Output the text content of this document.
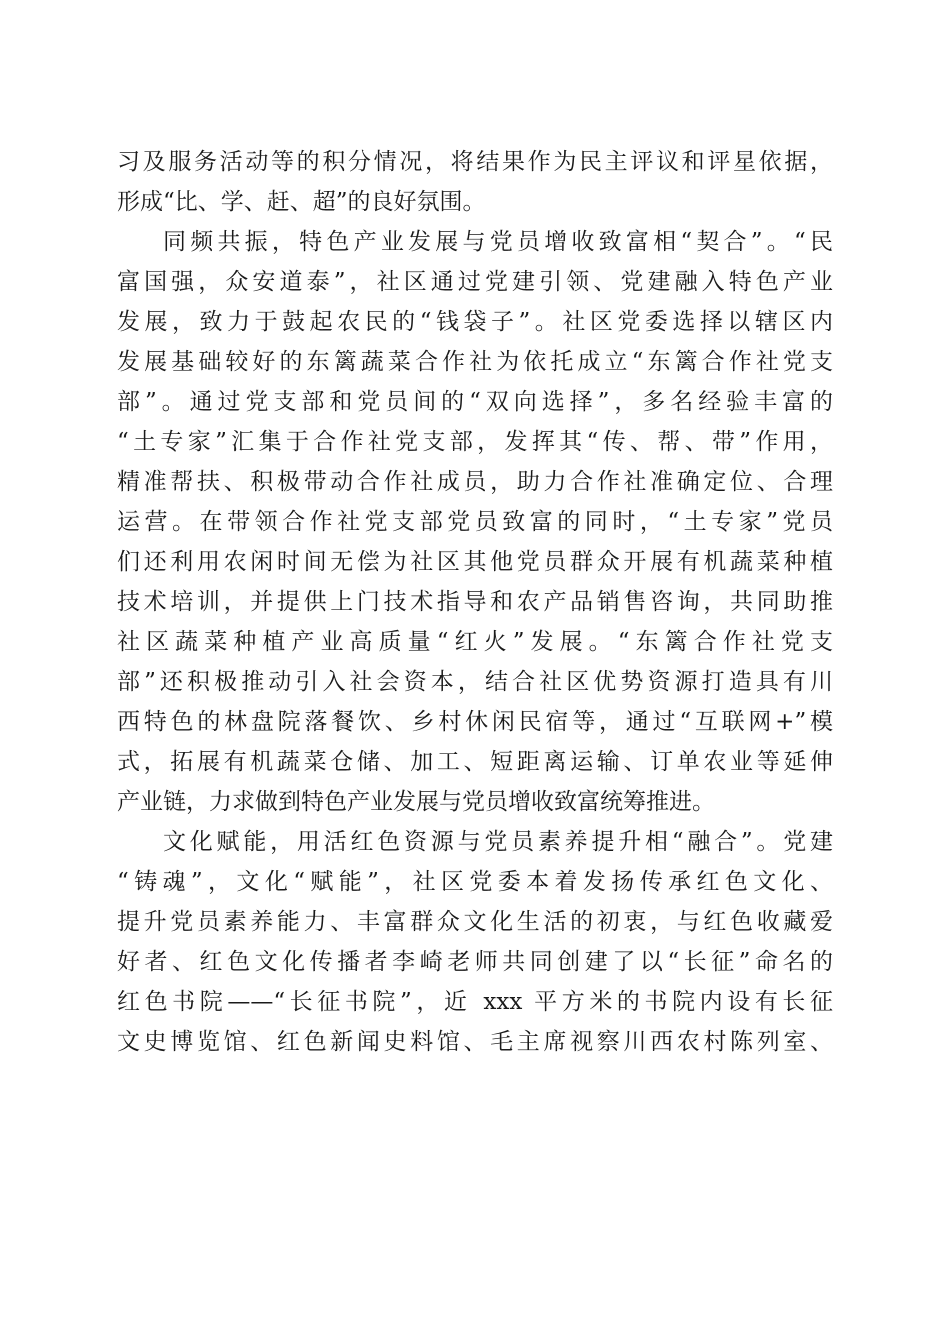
习及服务活动等的积分情况，将结果作为民主评议和评星依据，
形成“比、学、赶、超”的良好氛围。
同频共振，特色产业发展与党员增收致富相“契合”。“民
富国强，众安道泰”，社区通过党建引领、党建融入特色产业
发展，致力于鼓起农民的“钱袋子”。社区党委选择以辖区内
发展基础较好的东篱蔬菜合作社为依托成立“东篱合作社党支
部”。通过党支部和党员间的“双向选择”，多名经验丰富的
“土专家”汇集于合作社党支部，发挥其“传、帮、带”作用，
精准帮扶、积极带动合作社成员，助力合作社准确定位、合理
运营。在带领合作社党支部党员致富的同时，“土专家”党员
们还利用农闲时间无偿为社区其他党员群众开展有机蔬菜种植
技术培训，并提供上门技术指导和农产品销售咨询，共同助推
社区蔬菜种植产业高质量“红火”发展。“东篱合作社党支
部”还积极推动引入社会资本，结合社区优势资源打造具有川
西特色的林盘院落餐饮、乡村休闲民宿等，通过“互联网+”模
式，拓展有机蔬菜仓储、加工、短距离运输、订单农业等延伸
产业链，力求做到特色产业发展与党员增收致富统筹推进。
文化赋能，用活红色资源与党员素养提升相“融合”。党建
“铸魂”，文化“赋能”，社区党委本着发扬传承红色文化、
提升党员素养能力、丰富群众文化生活的初衷，与红色收藏爱
好者、红色文化传播者李崎老师共同创建了以“长征”命名的
红色书院——“长征书院”，近 xxx 平方米的书院内设有长征
文史博览馆、红色新闻史料馆、毛主席视察川西农村陈列室、
